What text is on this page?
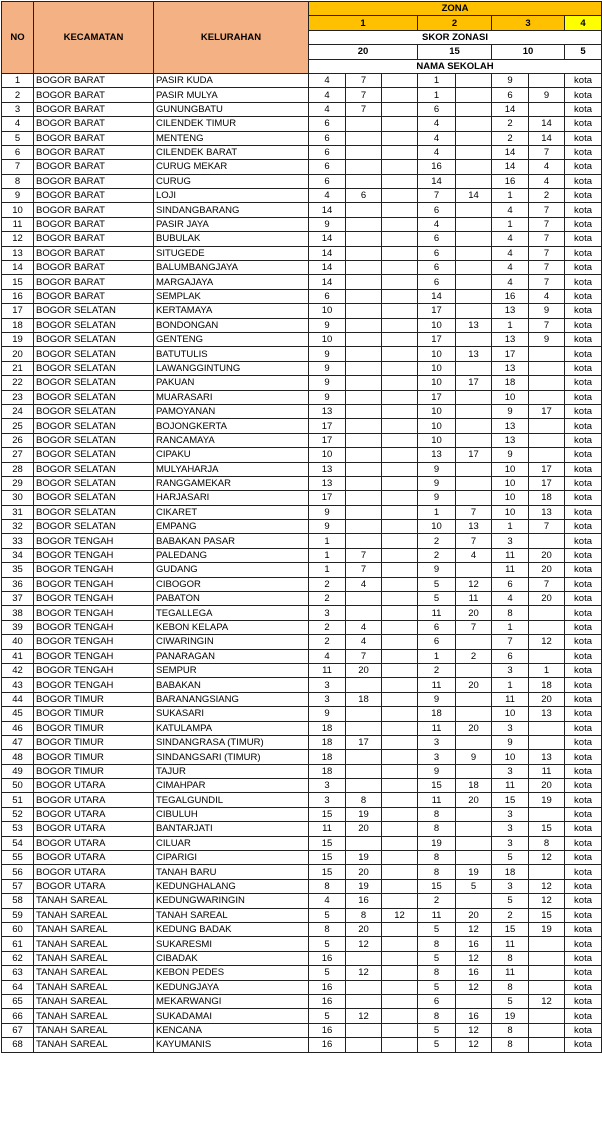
NO	KECAMATAN	KELURAHAN	ZONA							
			1			2		3		4
			SKOR ZONASI							
			20			15		10		5
			NAMA SEKOLAH							
1	BOGOR BARAT	PASIR KUDA	4	7		1		9		kota
2	BOGOR BARAT	PASIR MULYA	4	7		1		6	9	kota
3	BOGOR BARAT	GUNUNGBATU	4	7		6		14		kota
4	BOGOR BARAT	CILENDEK TIMUR	6			4		2	14	kota
5	BOGOR BARAT	MENTENG	6			4		2	14	kota
6	BOGOR BARAT	CILENDEK BARAT	6			4		14	7	kota
7	BOGOR BARAT	CURUG MEKAR	6			16		14	4	kota
8	BOGOR BARAT	CURUG	6			14		16	4	kota
9	BOGOR BARAT	LOJI	4	6		7	14	1	2	kota
10	BOGOR BARAT	SINDANGBARANG	14			6		4	7	kota
11	BOGOR BARAT	PASIR JAYA	9			4		1	7	kota
12	BOGOR BARAT	BUBULAK	14			6		4	7	kota
13	BOGOR BARAT	SITUGEDE	14			6		4	7	kota
14	BOGOR BARAT	BALUMBANGJAYA	14			6		4	7	kota
15	BOGOR BARAT	MARGAJAYA	14			6		4	7	kota
16	BOGOR BARAT	SEMPLAK	6			14		16	4	kota
17	BOGOR SELATAN	KERTAMAYA	10			17		13	9	kota
18	BOGOR SELATAN	BONDONGAN	9			10	13	1	7	kota
19	BOGOR SELATAN	GENTENG	10			17		13	9	kota
20	BOGOR SELATAN	BATUTULIS	9			10	13	17		kota
21	BOGOR SELATAN	LAWANGGINTUNG	9			10		13		kota
22	BOGOR SELATAN	PAKUAN	9			10	17	18		kota
23	BOGOR SELATAN	MUARASARI	9			17		10		kota
24	BOGOR SELATAN	PAMOYANAN	13			10		9	17	kota
25	BOGOR SELATAN	BOJONGKERTA	17			10		13		kota
26	BOGOR SELATAN	RANCAMAYA	17			10		13		kota
27	BOGOR SELATAN	CIPAKU	10			13	17	9		kota
28	BOGOR SELATAN	MULYAHARJA	13			9		10	17	kota
29	BOGOR SELATAN	RANGGAMEKAR	13			9		10	17	kota
30	BOGOR SELATAN	HARJASARI	17			9		10	18	kota
31	BOGOR SELATAN	CIKARET	9			1	7	10	13	kota
32	BOGOR SELATAN	EMPANG	9			10	13	1	7	kota
33	BOGOR TENGAH	BABAKAN PASAR	1			2	7	3		kota
34	BOGOR TENGAH	PALEDANG	1	7		2	4	11	20	kota
35	BOGOR TENGAH	GUDANG	1	7		9		11	20	kota
36	BOGOR TENGAH	CIBOGOR	2	4		5	12	6	7	kota
37	BOGOR TENGAH	PABATON	2			5	11	4	20	kota
38	BOGOR TENGAH	TEGALLEGA	3			11	20	8		kota
39	BOGOR TENGAH	KEBON KELAPA	2	4		6	7	1		kota
40	BOGOR TENGAH	CIWARINGIN	2	4		6		7	12	kota
41	BOGOR TENGAH	PANARAGAN	4	7		1	2	6		kota
42	BOGOR TENGAH	SEMPUR	11	20		2		3	1	kota
43	BOGOR TENGAH	BABAKAN	3			11	20	1	18	kota
44	BOGOR TIMUR	BARANANGSIANG	3	18		9		11	20	kota
45	BOGOR TIMUR	SUKASARI	9			18		10	13	kota
46	BOGOR TIMUR	KATULAMPA	18			11	20	3		kota
47	BOGOR TIMUR	SINDANGRASA (TIMUR)	18	17		3		9		kota
48	BOGOR TIMUR	SINDANGSARI (TIMUR)	18			3	9	10	13	kota
49	BOGOR TIMUR	TAJUR	18			9		3	11	kota
50	BOGOR UTARA	CIMAHPAR	3			15	18	11	20	kota
51	BOGOR UTARA	TEGALGUNDIL	3	8		11	20	15	19	kota
52	BOGOR UTARA	CIBULUH	15	19		8		3		kota
53	BOGOR UTARA	BANTARJATI	11	20		8		3	15	kota
54	BOGOR UTARA	CILUAR	15			19		3	8	kota
55	BOGOR UTARA	CIPARIGI	15	19		8		5	12	kota
56	BOGOR UTARA	TANAH BARU	15	20		8	19	18		kota
57	BOGOR UTARA	KEDUNGHALANG	8	19		15	5	3	12	kota
58	TANAH SAREAL	KEDUNGWARINGIN	4	16		2		5	12	kota
59	TANAH SAREAL	TANAH SAREAL	5	8	12	11	20	2	15	kota
60	TANAH SAREAL	KEDUNG BADAK	8	20		5	12	15	19	kota
61	TANAH SAREAL	SUKARESMI	5	12		8	16	11		kota
62	TANAH SAREAL	CIBADAK	16			5	12	8		kota
63	TANAH SAREAL	KEBON PEDES	5	12		8	16	11		kota
64	TANAH SAREAL	KEDUNGJAYA	16			5	12	8		kota
65	TANAH SAREAL	MEKARWANGI	16			6		5	12	kota
66	TANAH SAREAL	SUKADAMAI	5	12		8	16	19		kota
67	TANAH SAREAL	KENCANA	16			5	12	8		kota
68	TANAH SAREAL	KAYUMANIS	16			5	12	8		kota
